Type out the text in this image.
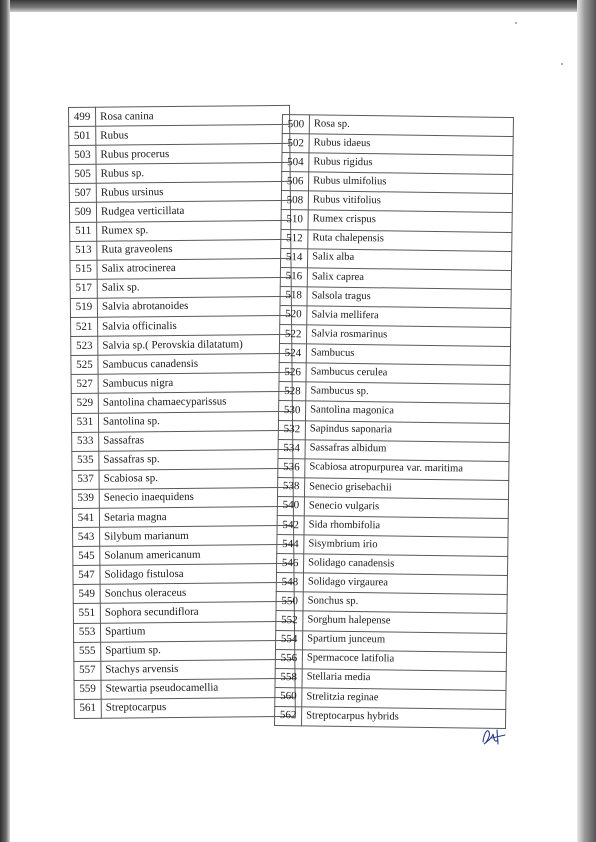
499	Rosa canina
501	Rubus
503	Rubus procerus
505	Rubus sp.
507	Rubus ursinus
509	Rudgea verticillata
511	Rumex sp.
513	Ruta graveolens
515	Salix atrocinerea
517	Salix sp.
519	Salvia abrotanoides
521	Salvia officinalis
523	Salvia sp.( Perovskia dilatatum)
525	Sambucus canadensis
527	Sambucus nigra
529	Santolina chamaecyparissus
531	Santolina sp.
533	Sassafras
535	Sassafras sp.
537	Scabiosa sp.
539	Senecio inaequidens
541	Setaria magna
543	Silybum marianum
545	Solanum americanum
547	Solidago fistulosa
549	Sonchus oleraceus
551	Sophora secundiflora
553	Spartium
555	Spartium sp.
557	Stachys arvensis
559	Stewartia pseudocamellia
561	Streptocarpus
500	Rosa sp.
502	Rubus idaeus
504	Rubus rigidus
506	Rubus ulmifolius
508	Rubus vitifolius
510	Rumex crispus
512	Ruta chalepensis
514	Salix alba
516	Salix caprea
518	Salsola tragus
520	Salvia mellifera
522	Salvia rosmarinus
524	Sambucus
526	Sambucus cerulea
528	Sambucus sp.
530	Santolina magonica
532	Sapindus saponaria
534	Sassafras albidum
536	Scabiosa atropurpurea var. maritima
538	Senecio grisebachii
540	Senecio vulgaris
542	Sida rhombifolia
544	Sisymbrium irio
546	Solidago canadensis
548	Solidago virgaurea
550	Sonchus sp.
552	Sorghum halepense
554	Spartium junceum
556	Spermacoce latifolia
558	Stellaria media
560	Strelitzia reginae
562	Streptocarpus hybrids
